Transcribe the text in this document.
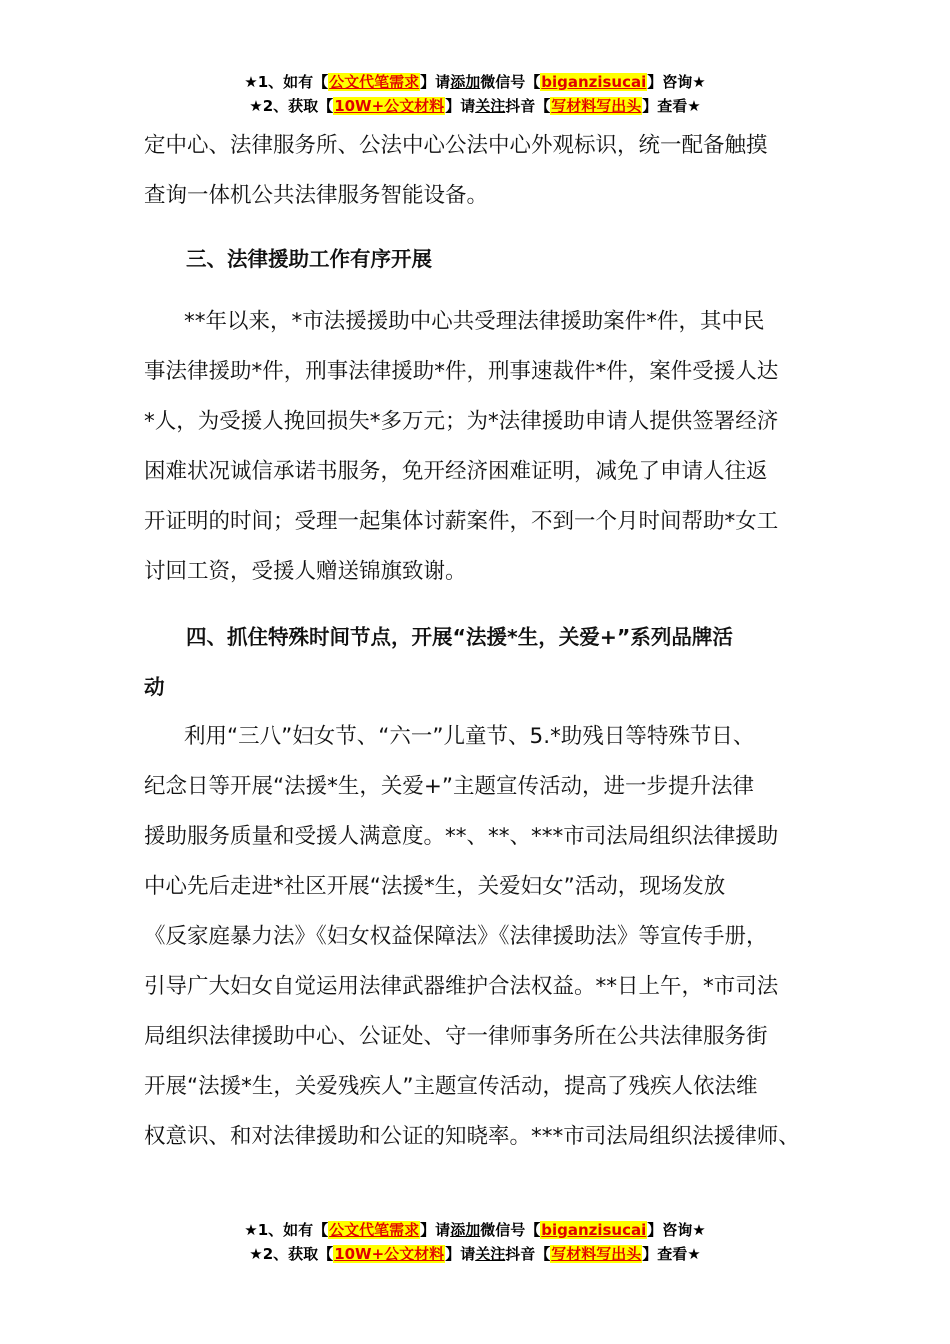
★1、如有【公文代笔需求】请添加微信号【biganzisucai】咨询★
★2、获取【10W+公文材料】请关注抖音【写材料写出头】查看★

定中心、法律服务所、公法中心公法中心外观标识，统一配备触摸

查询一体机公共法律服务智能设备。

三、法律援助工作有序开展

**年以来，*市法援援助中心共受理法律援助案件*件，其中民

事法律援助*件，刑事法律援助*件，刑事速裁件*件，案件受援人达

*人，为受援人挽回损失*多万元；为*法律援助申请人提供签署经济

困难状况诚信承诺书服务，免开经济困难证明，减免了申请人往返

开证明的时间；受理一起集体讨薪案件，不到一个月时间帮助*女工

讨回工资，受援人赠送锦旗致谢。

四、抓住特殊时间节点，开展“法援*生，关爱+”系列品牌活

动

利用“三八”妇女节、“六一”儿童节、5.*助残日等特殊节日、

纪念日等开展“法援*生，关爱+”主题宣传活动，进一步提升法律

援助服务质量和受援人满意度。**、**、***市司法局组织法律援助

中心先后走进*社区开展“法援*生，关爱妇女”活动，现场发放

《反家庭暴力法》《妇女权益保障法》《法律援助法》等宣传手册，

引导广大妇女自觉运用法律武器维护合法权益。**日上午，*市司法

局组织法律援助中心、公证处、守一律师事务所在公共法律服务街

开展“法援*生，关爱残疾人”主题宣传活动，提高了残疾人依法维

权意识、和对法律援助和公证的知晓率。***市司法局组织法援律师、

★1、如有【公文代笔需求】请添加微信号【biganzisucai】咨询★
★2、获取【10W+公文材料】请关注抖音【写材料写出头】查看★
